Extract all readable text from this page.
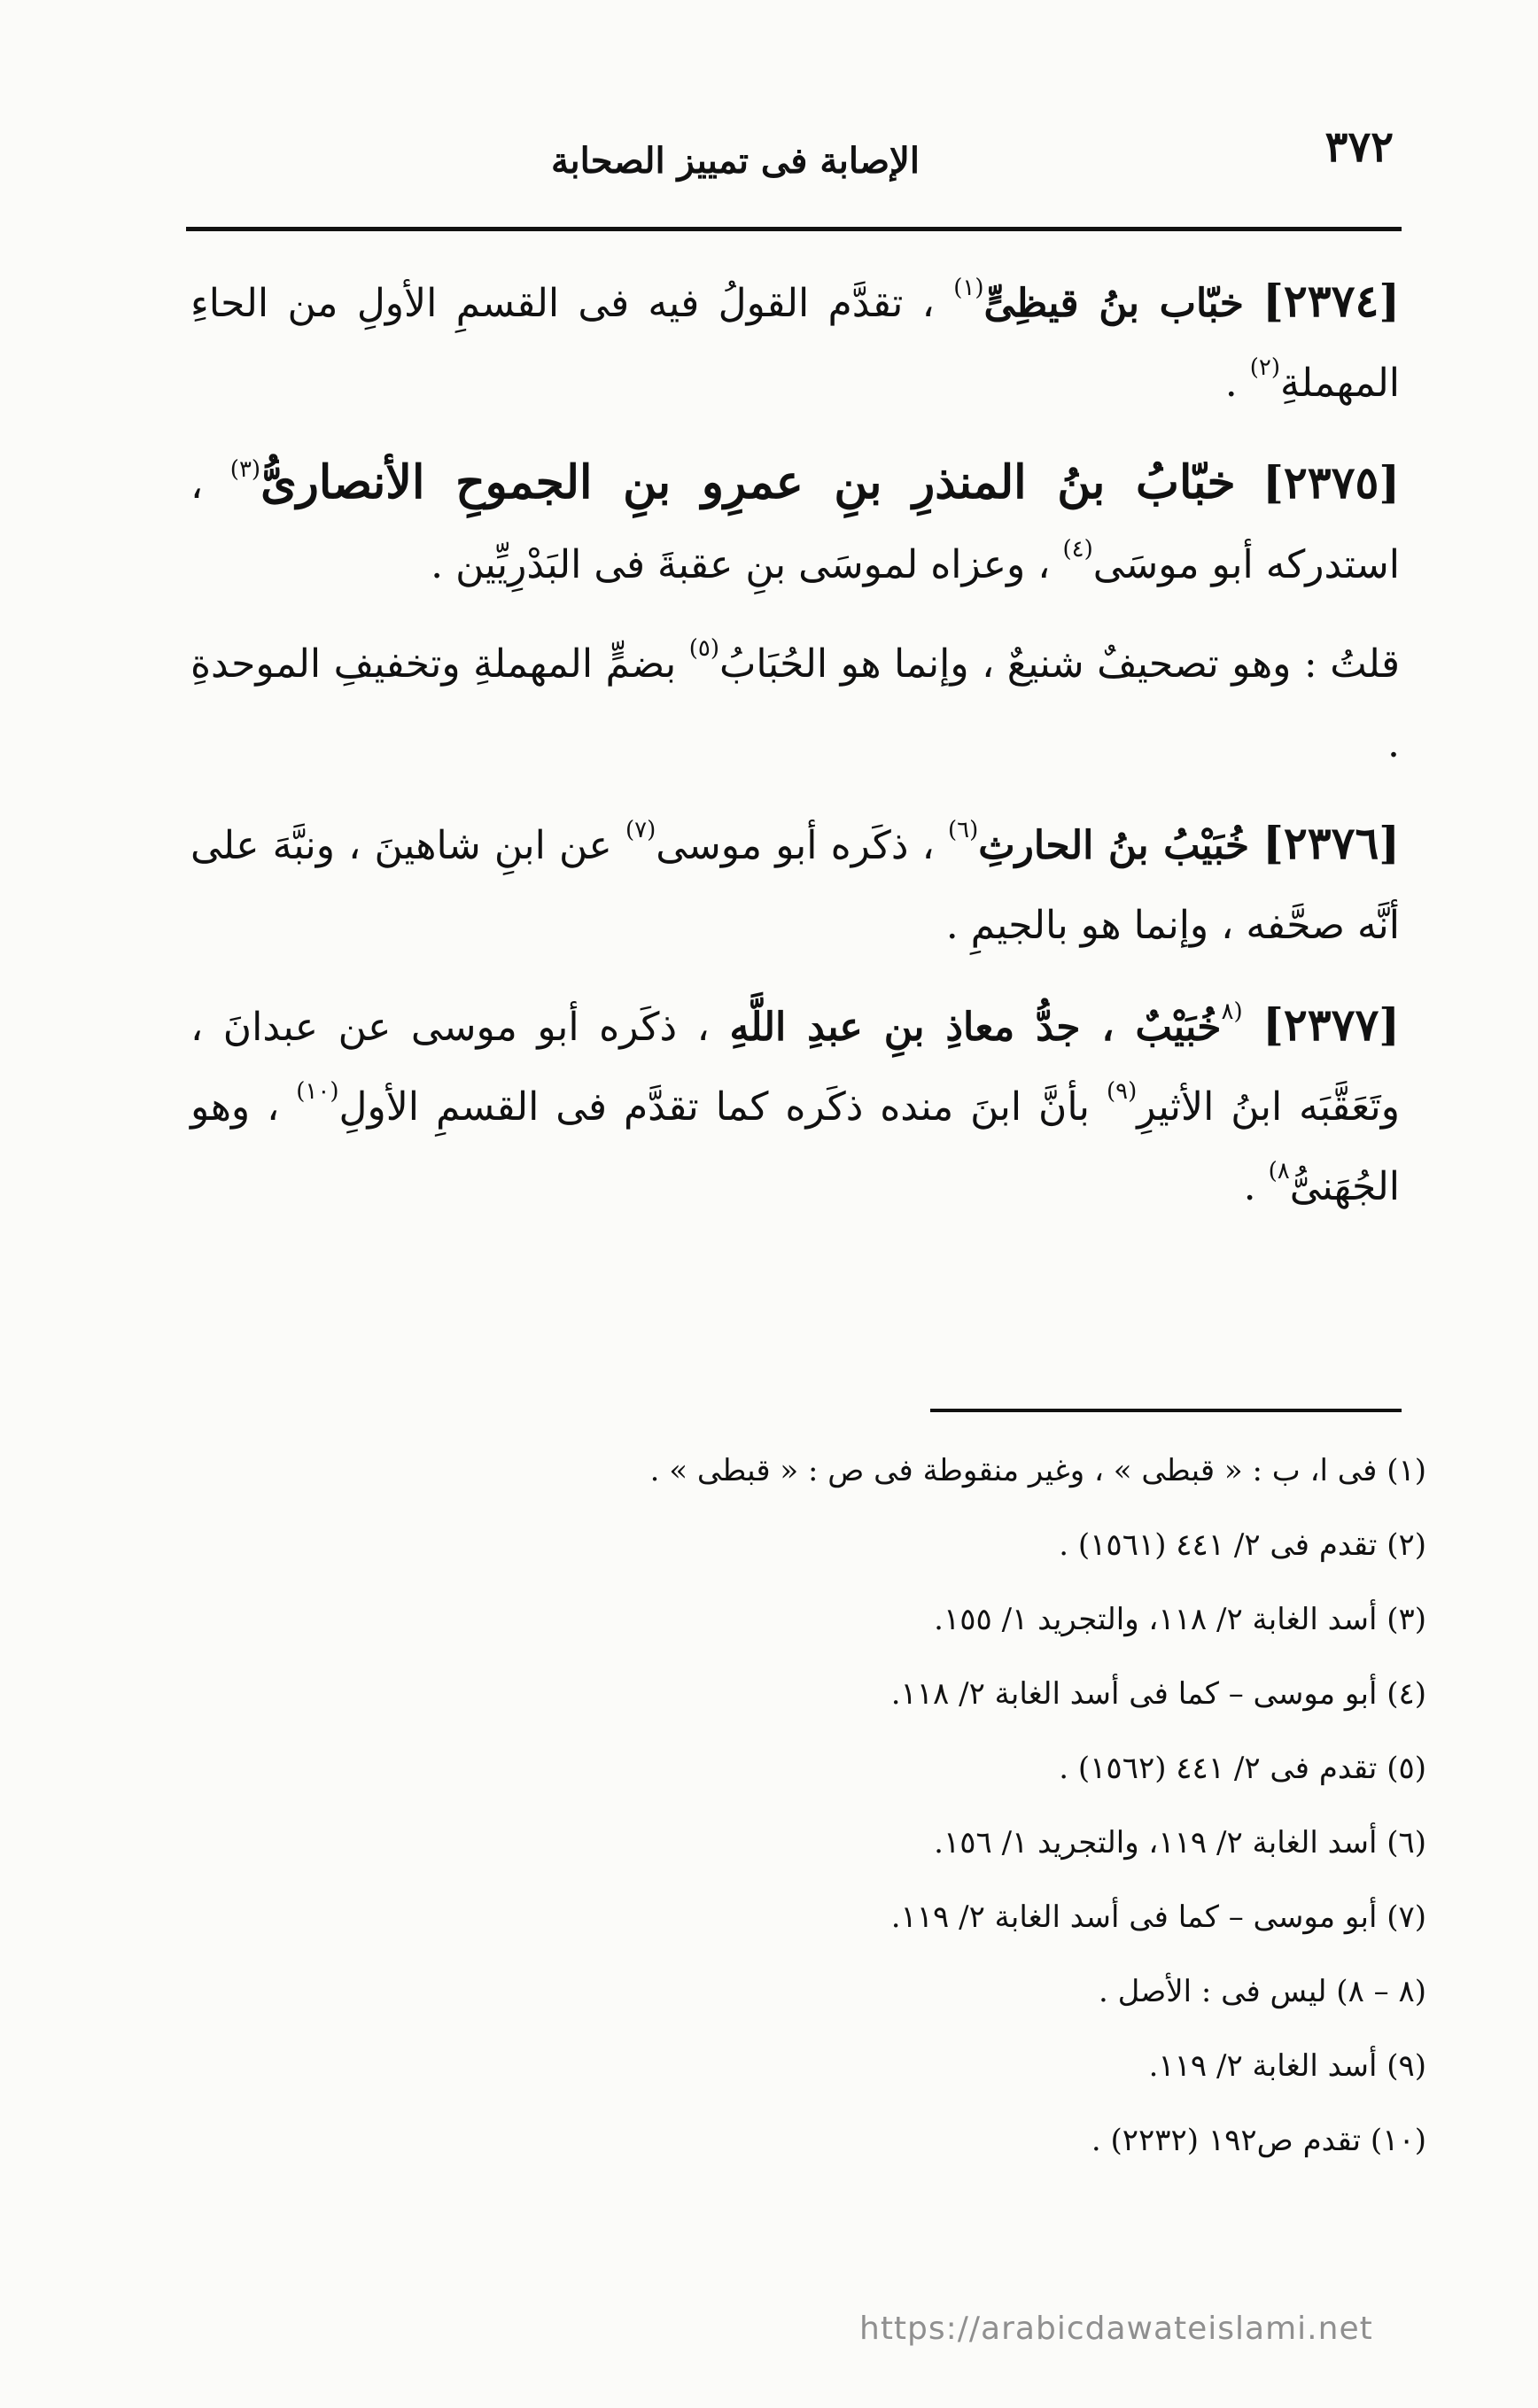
٣٧٢
الإصابة فى تمييز الصحابة

[٢٣٧٤] خبّاب بنُ قيظِىٍّ$^{(١)}$ ، تقدَّم القولُ فيه فى القسمِ الأولِ من الحاءِ المهملةِ$^{(٢)}$ .

[٢٣٧٥] خبّابُ بنُ المنذرِ بنِ عمرِو بنِ الجموحِ الأنصارىُّ$^{(٣)}$ ، استدركه أبو موسَى$^{(٤)}$ ، وعزاه لموسَى بنِ عقبةَ فى البَدْرِيِّين .

قلتُ : وهو تصحيفٌ شنيعٌ ، وإنما هو الحُبَابُ$^{(٥)}$ بضمٍّ المهملةِ وتخفيفِ الموحدةِ .

[٢٣٧٦] خُبَيْبُ بنُ الحارثِ$^{(٦)}$ ، ذكَره أبو موسى$^{(٧)}$ عن ابنِ شاهينَ ، ونبَّهَ على أنَّه صحَّفه ، وإنما هو بالجيمِ .

[٢٣٧٧] $^{(٨}$خُبَيْبٌ ، جدُّ معاذِ بنِ عبدِ اللَّهِ ، ذكَره أبو موسى عن عبدانَ ، وتَعَقَّبَه ابنُ الأثيرِ$^{(٩)}$ بأنَّ ابنَ منده ذكَره كما تقدَّم فى القسمِ الأولِ$^{(١٠)}$ ، وهو الجُهَنىُّ$^{٨)}$ .

(١) فى ا، ب : « قبطى » ، وغير منقوطة فى ص : « قبطى » .
(٢) تقدم فى ٢/ ٤٤١ (١٥٦١) .
(٣) أسد الغابة ٢/ ١١٨، والتجريد ١/ ١٥٥.
(٤) أبو موسى – كما فى أسد الغابة ٢/ ١١٨.
(٥) تقدم فى ٢/ ٤٤١ (١٥٦٢) .
(٦) أسد الغابة ٢/ ١١٩، والتجريد ١/ ١٥٦.
(٧) أبو موسى – كما فى أسد الغابة ٢/ ١١٩.
(٨ – ٨) ليس فى : الأصل .
(٩) أسد الغابة ٢/ ١١٩.
(١٠) تقدم ص١٩٢ (٢٢٣٢) .
https://arabicdawateislami.net
